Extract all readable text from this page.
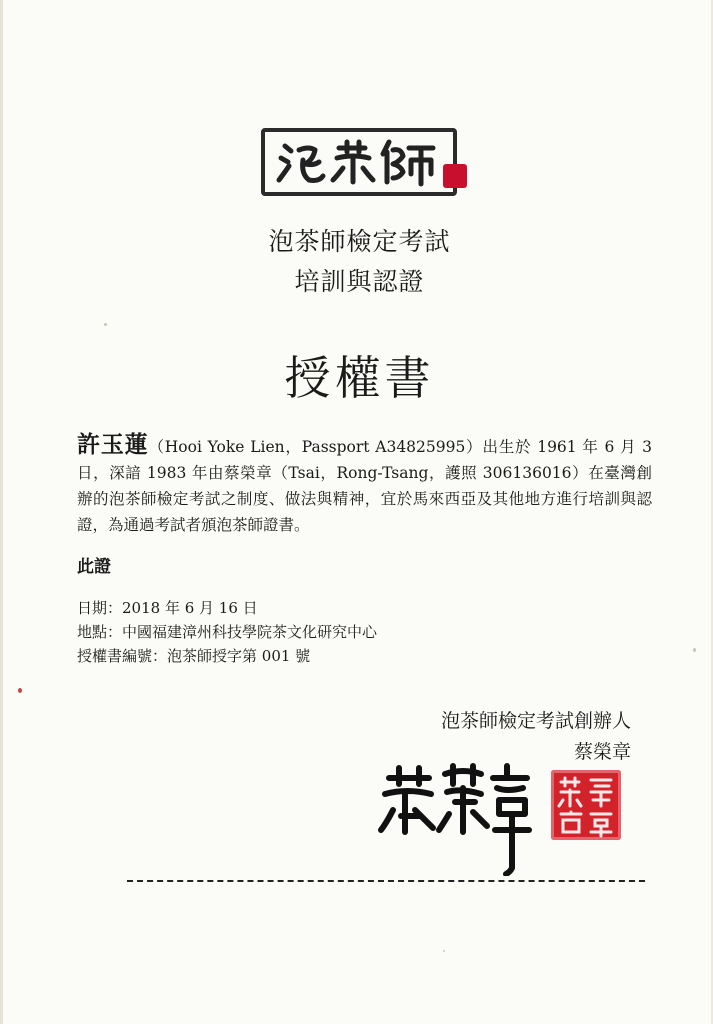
泡茶師檢定考試
培訓與認證
授權書
許玉蓮（Hooi Yoke Lien，Passport A34825995）出生於 1961 年 6 月 3 日，深諳 1983 年由蔡榮章（Tsai，Rong-Tsang，護照 306136016）在臺灣創辦的泡茶師檢定考試之制度、做法與精神，宜於馬來西亞及其他地方進行培訓與認證，為通過考試者頒泡茶師證書。
此證
日期：2018 年 6 月 16 日
地點：中國福建漳州科技學院茶文化研究中心
授權書編號：泡茶師授字第 001 號
泡茶師檢定考試創辦人
蔡榮章
